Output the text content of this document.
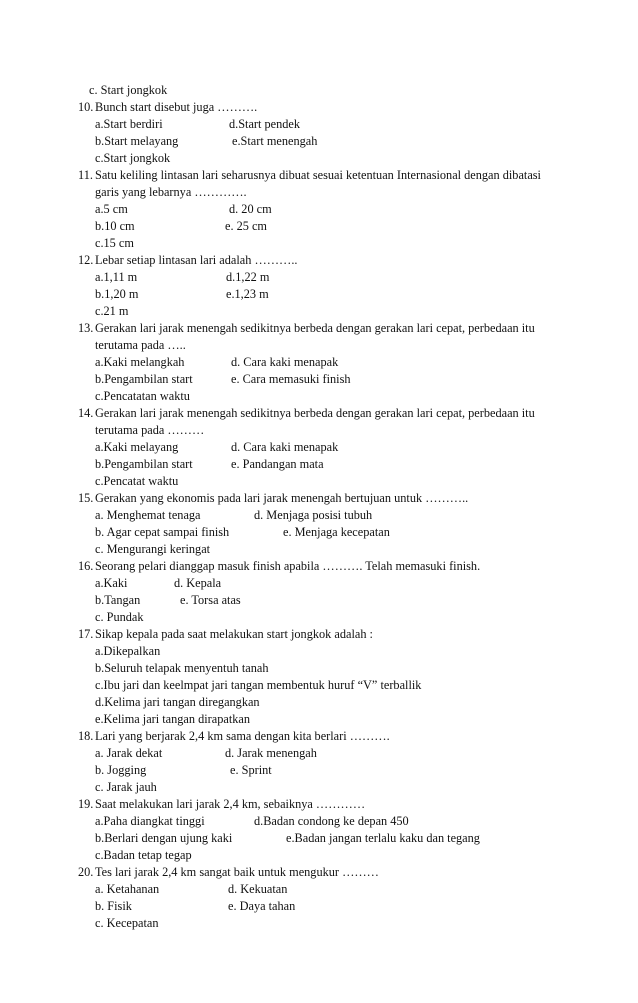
c. Start jongkok
10. Bunch start disebut juga ……….
a.Start berdiri	d.Start pendek
b.Start melayang	e.Start menengah
c.Start jongkok
11. Satu keliling lintasan lari seharusnya dibuat sesuai ketentuan Internasional dengan dibatasi
garis yang lebarnya ………….
a.5 cm	d. 20 cm
b.10 cm	e. 25 cm
c.15 cm
12. Lebar setiap lintasan lari adalah ………..
a.1,11 m	d.1,22 m
b.1,20 m	e.1,23 m
c.21 m
13. Gerakan lari jarak menengah sedikitnya berbeda dengan gerakan lari cepat, perbedaan itu
terutama pada …..
a.Kaki melangkah	d. Cara kaki menapak
b.Pengambilan start	e. Cara memasuki finish
c.Pencatatan waktu
14. Gerakan lari jarak menengah sedikitnya berbeda dengan gerakan lari cepat, perbedaan itu
terutama pada ………
a.Kaki melayang	d. Cara kaki menapak
b.Pengambilan start	e. Pandangan mata
c.Pencatat waktu
15. Gerakan yang ekonomis pada lari jarak menengah bertujuan untuk ………..
a. Menghemat tenaga	d. Menjaga posisi tubuh
b. Agar cepat sampai finish	e. Menjaga kecepatan
c. Mengurangi keringat
16. Seorang pelari dianggap masuk finish apabila ………. Telah memasuki finish.
a.Kaki	d. Kepala
b.Tangan	e. Torsa atas
c. Pundak
17. Sikap kepala pada saat melakukan start jongkok adalah :
a.Dikepalkan
b.Seluruh telapak menyentuh tanah
c.Ibu jari dan keelmpat jari tangan membentuk huruf “V” terballik
d.Kelima jari tangan diregangkan
e.Kelima jari tangan dirapatkan
18. Lari yang berjarak 2,4 km sama dengan kita berlari ……….
a. Jarak dekat	d. Jarak menengah
b. Jogging	e. Sprint
c. Jarak jauh
19. Saat melakukan lari jarak 2,4 km, sebaiknya …………
a.Paha diangkat tinggi	d.Badan condong ke depan 450
b.Berlari dengan ujung kaki	e.Badan jangan terlalu kaku dan tegang
c.Badan tetap tegap
20. Tes lari jarak 2,4 km sangat baik untuk mengukur ………
a. Ketahanan	d. Kekuatan
b. Fisik	e. Daya tahan
c. Kecepatan
